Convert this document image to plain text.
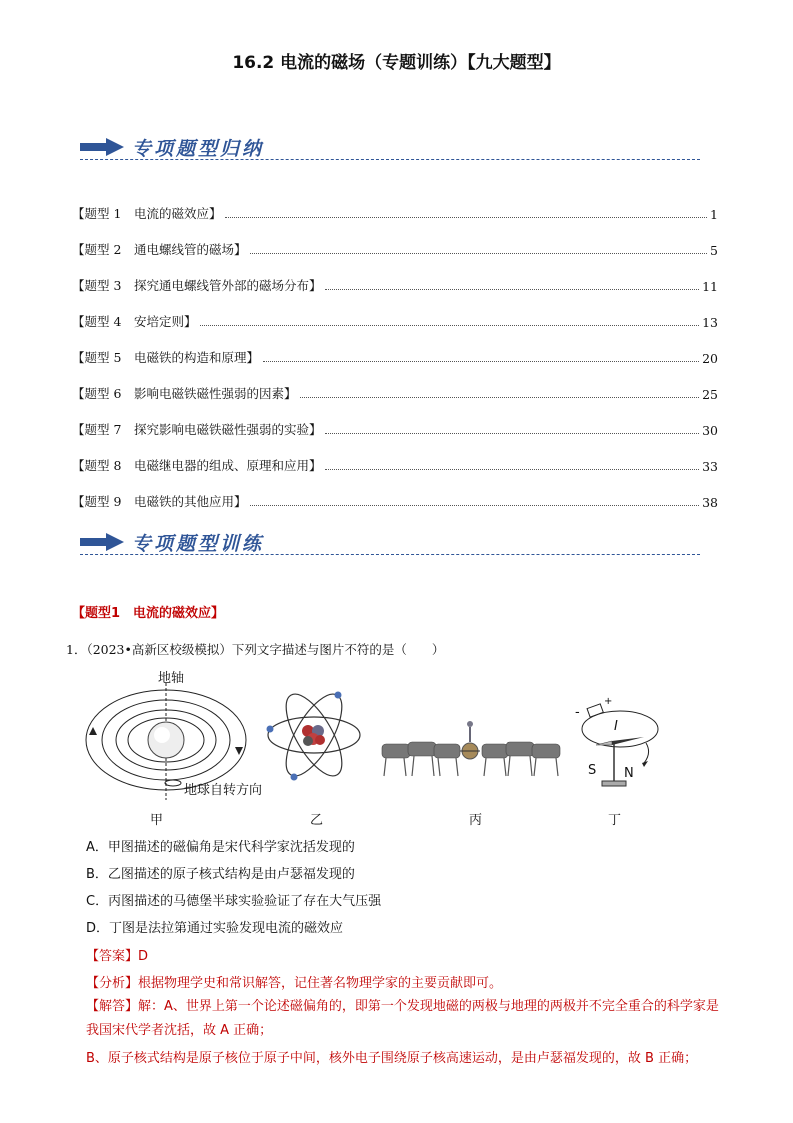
16.2 电流的磁场（专题训练）【九大题型】
专项题型归纳
【题型 1　 电流的磁效应】	1
【题型 2　 通电螺线管的磁场】	5
【题型 3　 探究通电螺线管外部的磁场分布】	11
【题型 4　 安培定则】	13
【题型 5　 电磁铁的构造和原理】	20
【题型 6　 影响电磁铁磁性强弱的因素】	25
【题型 7　 探究影响电磁铁磁性强弱的实验】	30
【题型 8　 电磁继电器的组成、原理和应用】	33
【题型 9　 电磁铁的其他应用】	38
专项题型训练
【题型1　电流的磁效应】
1．（2023•高新区校级模拟）下列文字描述与图片不符的是（　　）
地轴
地球自转方向
甲	乙	丙
-
+
I
S N
丁
A．甲图描述的磁偏角是宋代科学家沈括发现的
B．乙图描述的原子核式结构是由卢瑟福发现的
C．丙图描述的马德堡半球实验验证了存在大气压强
D．丁图是法拉第通过实验发现电流的磁效应
【答案】D
【分析】根据物理学史和常识解答，记住著名物理学家的主要贡献即可。
【解答】解：A、世界上第一个论述磁偏角的，即第一个发现地磁的两极与地理的两极并不完全重合的科学家是我国宋代学者沈括，故 A 正确；
B、原子核式结构是原子核位于原子中间，核外电子围绕原子核高速运动，是由卢瑟福发现的，故 B 正确；
